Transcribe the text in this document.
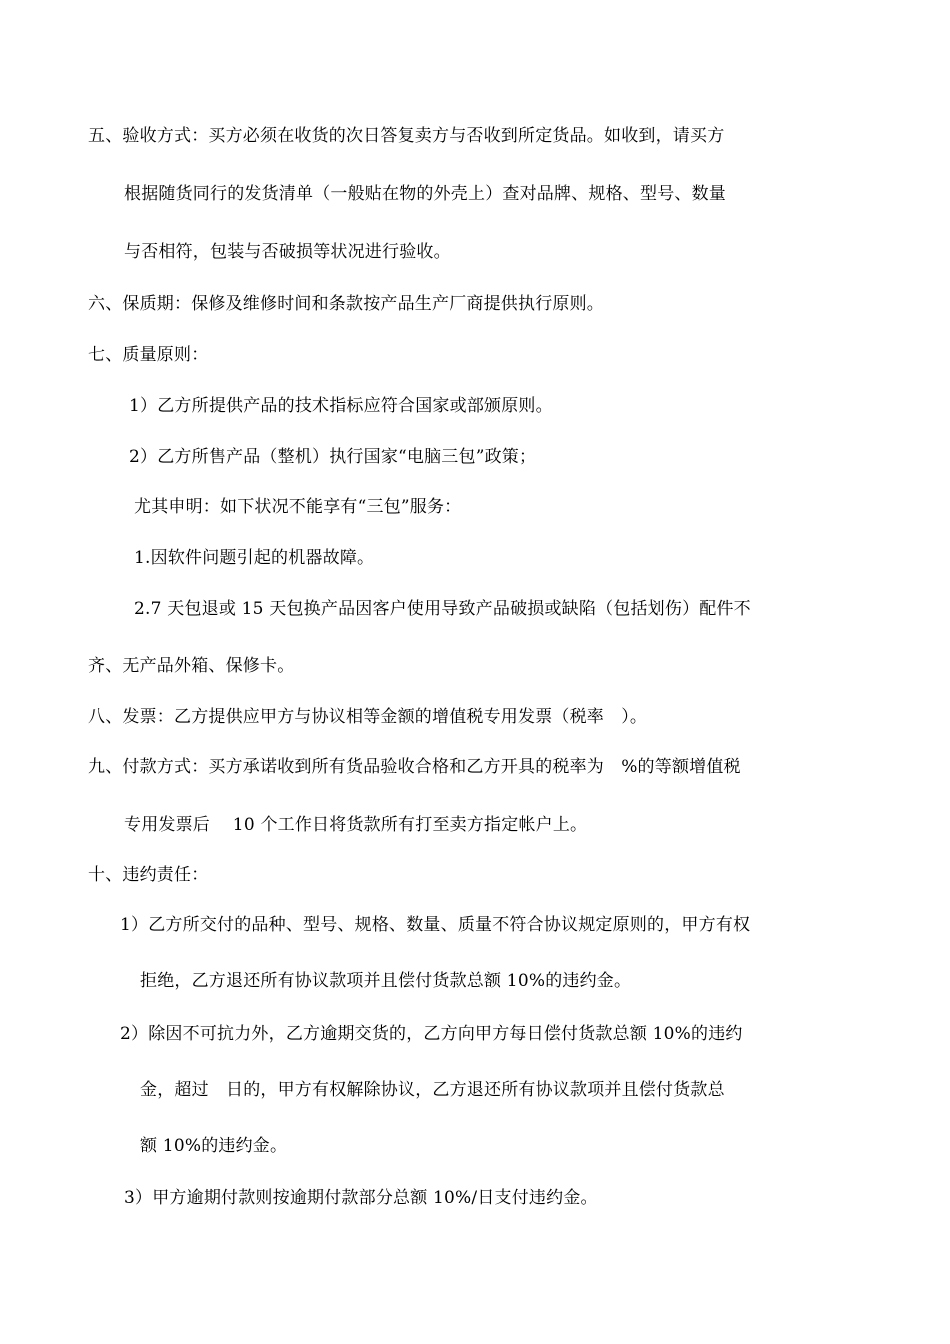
五、验收方式：买方必须在收货的次日答复卖方与否收到所定货品。如收到，请买方
根据随货同行的发货清单（一般贴在物的外壳上）查对品牌、规格、型号、数量
与否相符，包装与否破损等状况进行验收。
六、保质期：保修及维修时间和条款按产品生产厂商提供执行原则。
七、质量原则：
1）乙方所提供产品的技术指标应符合国家或部颁原则。
2）乙方所售产品（整机）执行国家“电脑三包”政策；
尤其申明：如下状况不能享有“三包”服务：
1.因软件问题引起的机器故障。
2.7 天包退或 15 天包换产品因客户使用导致产品破损或缺陷（包括划伤）配件不
齐、无产品外箱、保修卡。
八、发票：乙方提供应甲方与协议相等金额的增值税专用发票（税率　）。
九、付款方式：买方承诺收到所有货品验收合格和乙方开具的税率为　%的等额增值税
专用发票后　 10 个工作日将货款所有打至卖方指定帐户上。
十、违约责任：
1）乙方所交付的品种、型号、规格、数量、质量不符合协议规定原则的，甲方有权
拒绝，乙方退还所有协议款项并且偿付货款总额 10%的违约金。
2）除因不可抗力外，乙方逾期交货的，乙方向甲方每日偿付货款总额 10%的违约
金，超过　日的，甲方有权解除协议，乙方退还所有协议款项并且偿付货款总
额 10%的违约金。
3）甲方逾期付款则按逾期付款部分总额 10%/日支付违约金。
